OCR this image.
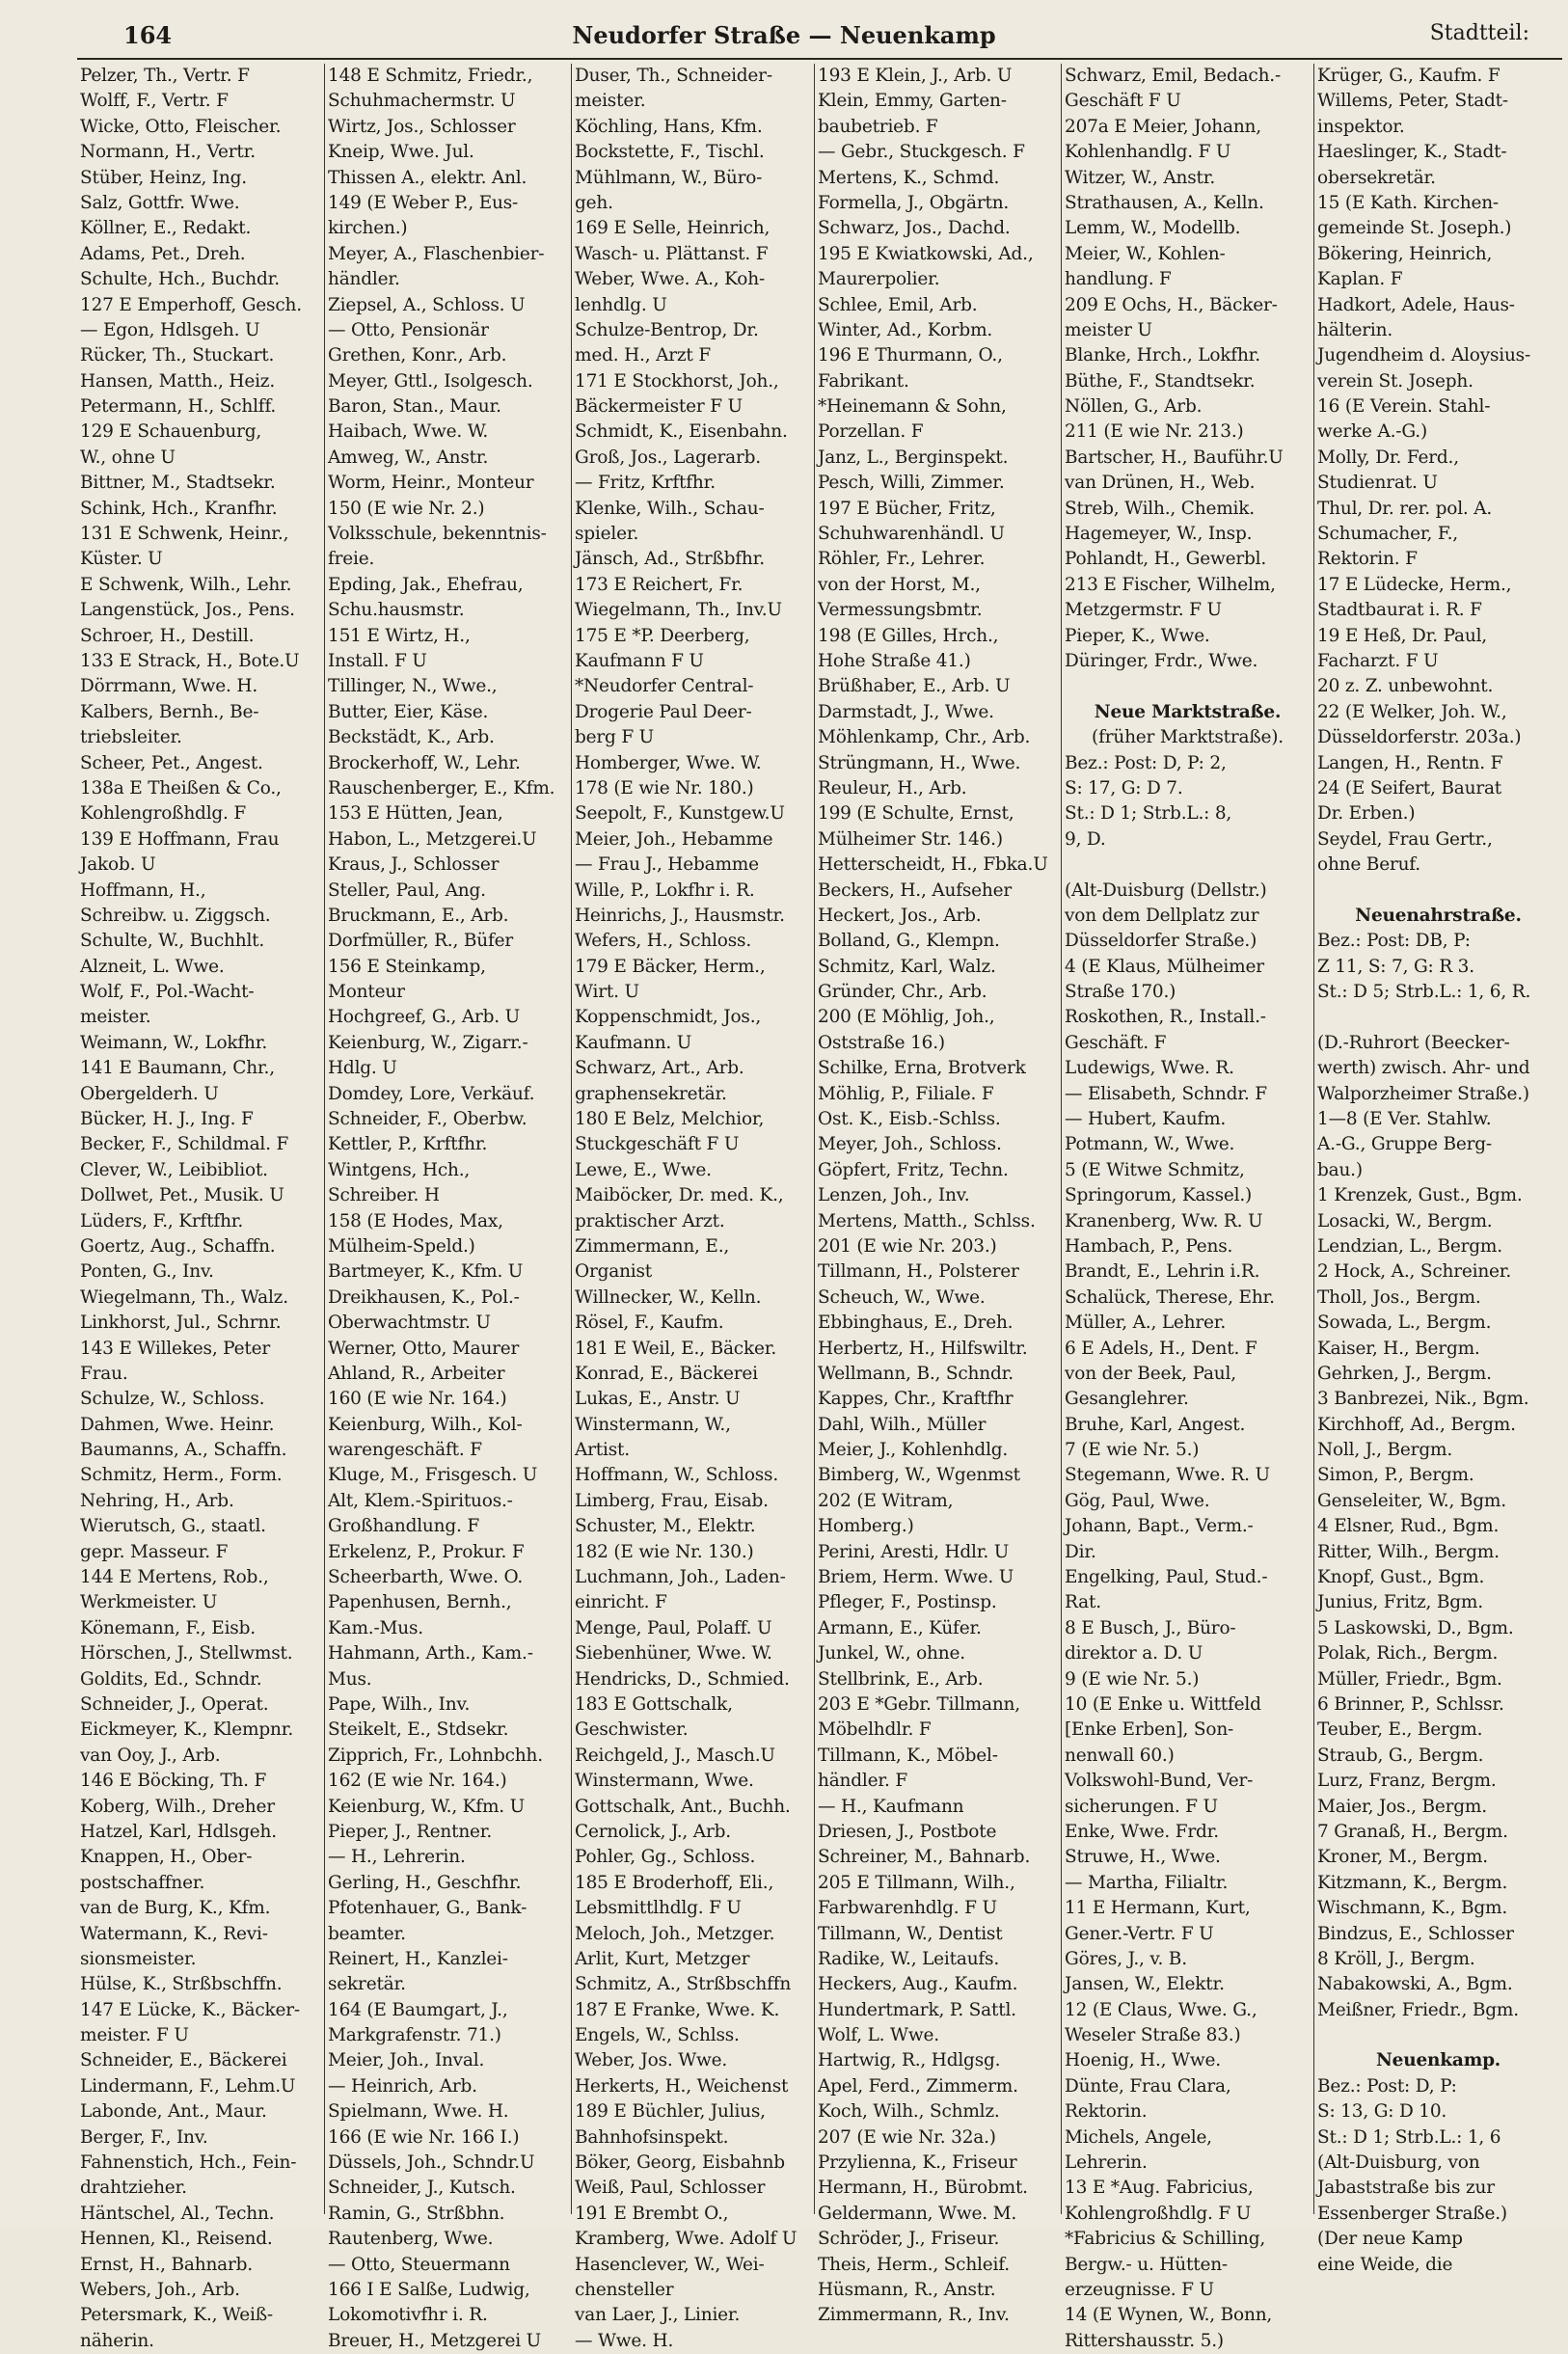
164	Neudorfer Straße — Neuenkamp	Stadtteil:
Pelzer, Th., Vertr. F
Wolff, F., Vertr. F
Wicke, Otto, Fleischer.
Normann, H., Vertr.
Stüber, Heinz, Ing.
Salz, Gottfr. Wwe.
Köllner, E., Redakt.
Adams, Pet., Dreh.
Schulte, Hch., Buchdr.
127 E Emperhoff, Gesch.
— Egon, Hdlsgeh. U
Rücker, Th., Stuckart.
Hansen, Matth., Heiz.
Petermann, H., Schlff.
129 E Schauenburg,
W., ohne U
Bittner, M., Stadtsekr.
Schink, Hch., Kranfhr.
131 E Schwenk, Heinr.,
Küster. U
E Schwenk, Wilh., Lehr.
Langenstück, Jos., Pens.
Schroer, H., Destill.
133 E Strack, H., Bote.U
Dörrmann, Wwe. H.
Kalbers, Bernh., Be-
triebsleiter.
Scheer, Pet., Angest.
138a E Theißen & Co.,
Kohlengroßhdlg. F
139 E Hoffmann, Frau
Jakob. U
Hoffmann, H.,
Schreibw. u. Ziggsch.
Schulte, W., Buchhlt.
Alzneit, L. Wwe.
Wolf, F., Pol.-Wacht-
meister.
Weimann, W., Lokfhr.
141 E Baumann, Chr.,
Obergelderh. U
Bücker, H. J., Ing. F
Becker, F., Schildmal. F
Clever, W., Leibibliot.
Dollwet, Pet., Musik. U
Lüders, F., Krftfhr.
Goertz, Aug., Schaffn.
Ponten, G., Inv.
Wiegelmann, Th., Walz.
Linkhorst, Jul., Schrnr.
143 E Willekes, Peter
Frau.
Schulze, W., Schloss.
Dahmen, Wwe. Heinr.
Baumanns, A., Schaffn.
Schmitz, Herm., Form.
Nehring, H., Arb.
Wierutsch, G., staatl.
gepr. Masseur. F
144 E Mertens, Rob.,
Werkmeister. U
Könemann, F., Eisb.
Hörschen, J., Stellwmst.
Goldits, Ed., Schndr.
Schneider, J., Operat.
Eickmeyer, K., Klempnr.
van Ooy, J., Arb.
146 E Böcking, Th. F
Koberg, Wilh., Dreher
Hatzel, Karl, Hdlsgeh.
Knappen, H., Ober-
postschaffner.
van de Burg, K., Kfm.
Watermann, K., Revi-
sionsmeister.
Hülse, K., Strßbschffn.
147 E Lücke, K., Bäcker-
meister. F U
Schneider, E., Bäckerei
Lindermann, F., Lehm.U
Labonde, Ant., Maur.
Berger, F., Inv.
Fahnenstich, Hch., Fein-
drahtzieher.
Häntschel, Al., Techn.
Hennen, Kl., Reisend.
Ernst, H., Bahnarb.
Webers, Joh., Arb.
Petersmark, K., Weiß-
näherin.
148 E Schmitz, Friedr.,
Schuhmachermstr. U
Wirtz, Jos., Schlosser
Kneip, Wwe. Jul.
Thissen A., elektr. Anl.
149 (E Weber P., Eus-
kirchen.)
Meyer, A., Flaschenbier-
händler.
Ziepsel, A., Schloss. U
— Otto, Pensionär
Grethen, Konr., Arb.
Meyer, Gttl., Isolgesch.
Baron, Stan., Maur.
Haibach, Wwe. W.
Amweg, W., Anstr.
Worm, Heinr., Monteur
150 (E wie Nr. 2.)
Volksschule, bekenntnis-
freie.
Epding, Jak., Ehefrau,
Schu.hausmstr.
151 E Wirtz, H.,
Install. F U
Tillinger, N., Wwe.,
Butter, Eier, Käse.
Beckstädt, K., Arb.
Brockerhoff, W., Lehr.
Rauschenberger, E., Kfm.
153 E Hütten, Jean,
Habon, L., Metzgerei.U
Kraus, J., Schlosser
Steller, Paul, Ang.
Bruckmann, E., Arb.
Dorfmüller, R., Büfer
156 E Steinkamp,
Monteur
Hochgreef, G., Arb. U
Keienburg, W., Zigarr.-
Hdlg. U
Domdey, Lore, Verkäuf.
Schneider, F., Oberbw.
Kettler, P., Krftfhr.
Wintgens, Hch.,
Schreiber. H
158 (E Hodes, Max,
Mülheim-Speld.)
Bartmeyer, K., Kfm. U
Dreikhausen, K., Pol.-
Oberwachtmstr. U
Werner, Otto, Maurer
Ahland, R., Arbeiter
160 (E wie Nr. 164.)
Keienburg, Wilh., Kol-
warengeschäft. F
Kluge, M., Frisgesch. U
Alt, Klem.-Spirituos.-
Großhandlung. F
Erkelenz, P., Prokur. F
Scheerbarth, Wwe. O.
Papenhusen, Bernh.,
Kam.-Mus.
Hahmann, Arth., Kam.-
Mus.
Pape, Wilh., Inv.
Steikelt, E., Stdsekr.
Zipprich, Fr., Lohnbchh.
162 (E wie Nr. 164.)
Keienburg, W., Kfm. U
Pieper, J., Rentner.
— H., Lehrerin.
Gerling, H., Geschfhr.
Pfotenhauer, G., Bank-
beamter.
Reinert, H., Kanzlei-
sekretär.
164 (E Baumgart, J.,
Markgrafenstr. 71.)
Meier, Joh., Inval.
— Heinrich, Arb.
Spielmann, Wwe. H.
166 (E wie Nr. 166 I.)
Düssels, Joh., Schndr.U
Schneider, J., Kutsch.
Ramin, G., Strßbhn.
Rautenberg, Wwe.
— Otto, Steuermann
166 I E Salße, Ludwig,
Lokomotivfhr i. R.
Breuer, H., Metzgerei U
Duser, Th., Schneider-
meister.
Köchling, Hans, Kfm.
Bockstette, F., Tischl.
Mühlmann, W., Büro-
geh.
169 E Selle, Heinrich,
Wasch- u. Plättanst. F
Weber, Wwe. A., Koh-
lenhdlg. U
Schulze-Bentrop, Dr.
med. H., Arzt F
171 E Stockhorst, Joh.,
Bäckermeister F U
Schmidt, K., Eisenbahn.
Groß, Jos., Lagerarb.
— Fritz, Krftfhr.
Klenke, Wilh., Schau-
spieler.
Jänsch, Ad., Strßbfhr.
173 E Reichert, Fr.
Wiegelmann, Th., Inv.U
175 E *P. Deerberg,
Kaufmann F U
*Neudorfer Central-
Drogerie Paul Deer-
berg F U
Homberger, Wwe. W.
178 (E wie Nr. 180.)
Seepolt, F., Kunstgew.U
Meier, Joh., Hebamme
— Frau J., Hebamme
Wille, P., Lokfhr i. R.
Heinrichs, J., Hausmstr.
Wefers, H., Schloss.
179 E Bäcker, Herm.,
Wirt. U
Koppenschmidt, Jos.,
Kaufmann. U
Schwarz, Art., Arb.
graphensekretär.
180 E Belz, Melchior,
Stuckgeschäft F U
Lewe, E., Wwe.
Maiböcker, Dr. med. K.,
praktischer Arzt.
Zimmermann, E.,
Organist
Willnecker, W., Kelln.
Rösel, F., Kaufm.
181 E Weil, E., Bäcker.
Konrad, E., Bäckerei
Lukas, E., Anstr. U
Winstermann, W.,
Artist.
Hoffmann, W., Schloss.
Limberg, Frau, Eisab.
Schuster, M., Elektr.
182 (E wie Nr. 130.)
Luchmann, Joh., Laden-
einricht. F
Menge, Paul, Polaff. U
Siebenhüner, Wwe. W.
Hendricks, D., Schmied.
183 E Gottschalk,
Geschwister.
Reichgeld, J., Masch.U
Winstermann, Wwe.
Gottschalk, Ant., Buchh.
Cernolick, J., Arb.
Pohler, Gg., Schloss.
185 E Broderhoff, Eli.,
Lebsmittlhdlg. F U
Meloch, Joh., Metzger.
Arlit, Kurt, Metzger
Schmitz, A., Strßbschffn
187 E Franke, Wwe. K.
Engels, W., Schlss.
Weber, Jos. Wwe.
Herkerts, H., Weichenst
189 E Büchler, Julius,
Bahnhofsinspekt.
Böker, Georg, Eisbahnb
Weiß, Paul, Schlosser
191 E Brembt O.,
Kramberg, Wwe. Adolf U
Hasenclever, W., Wei-
chensteller
van Laer, J., Linier.
— Wwe. H.
193 E Klein, J., Arb. U
Klein, Emmy, Garten-
baubetrieb. F
— Gebr., Stuckgesch. F
Mertens, K., Schmd.
Formella, J., Obgärtn.
Schwarz, Jos., Dachd.
195 E Kwiatkowski, Ad.,
Maurerpolier.
Schlee, Emil, Arb.
Winter, Ad., Korbm.
196 E Thurmann, O.,
Fabrikant.
*Heinemann & Sohn,
Porzellan. F
Janz, L., Berginspekt.
Pesch, Willi, Zimmer.
197 E Bücher, Fritz,
Schuhwarenhändl. U
Röhler, Fr., Lehrer.
von der Horst, M.,
Vermessungsbmtr.
198 (E Gilles, Hrch.,
Hohe Straße 41.)
Brüßhaber, E., Arb. U
Darmstadt, J., Wwe.
Möhlenkamp, Chr., Arb.
Strüngmann, H., Wwe.
Reuleur, H., Arb.
199 (E Schulte, Ernst,
Mülheimer Str. 146.)
Hetterscheidt, H., Fbka.U
Beckers, H., Aufseher
Heckert, Jos., Arb.
Bolland, G., Klempn.
Schmitz, Karl, Walz.
Gründer, Chr., Arb.
200 (E Möhlig, Joh.,
Oststraße 16.)
Schilke, Erna, Brotverk
Möhlig, P., Filiale. F
Ost. K., Eisb.-Schlss.
Meyer, Joh., Schloss.
Göpfert, Fritz, Techn.
Lenzen, Joh., Inv.
Mertens, Matth., Schlss.
201 (E wie Nr. 203.)
Tillmann, H., Polsterer
Scheuch, W., Wwe.
Ebbinghaus, E., Dreh.
Herbertz, H., Hilfswiltr.
Wellmann, B., Schndr.
Kappes, Chr., Kraftfhr
Dahl, Wilh., Müller
Meier, J., Kohlenhdlg.
Bimberg, W., Wgenmst
202 (E Witram,
Homberg.)
Perini, Aresti, Hdlr. U
Briem, Herm. Wwe. U
Pfleger, F., Postinsp.
Armann, E., Küfer.
Junkel, W., ohne.
Stellbrink, E., Arb.
203 E *Gebr. Tillmann,
Möbelhdlr. F
Tillmann, K., Möbel-
händler. F
— H., Kaufmann
Driesen, J., Postbote
Schreiner, M., Bahnarb.
205 E Tillmann, Wilh.,
Farbwarenhdlg. F U
Tillmann, W., Dentist
Radike, W., Leitaufs.
Heckers, Aug., Kaufm.
Hundertmark, P. Sattl.
Wolf, L. Wwe.
Hartwig, R., Hdlgsg.
Apel, Ferd., Zimmerm.
Koch, Wilh., Schmlz.
207 (E wie Nr. 32a.)
Przylienna, K., Friseur
Hermann, H., Bürobmt.
Geldermann, Wwe. M.
Schröder, J., Friseur.
Theis, Herm., Schleif.
Hüsmann, R., Anstr.
Zimmermann, R., Inv.
Schwarz, Emil, Bedach.-
Geschäft F U
207a E Meier, Johann,
Kohlenhandlg. F U
Witzer, W., Anstr.
Strathausen, A., Kelln.
Lemm, W., Modellb.
Meier, W., Kohlen-
handlung. F
209 E Ochs, H., Bäcker-
meister U
Blanke, Hrch., Lokfhr.
Büthe, F., Standtsekr.
Nöllen, G., Arb.
211 (E wie Nr. 213.)
Bartscher, H., Bauführ.U
van Drünen, H., Web.
Streb, Wilh., Chemik.
Hagemeyer, W., Insp.
Pohlandt, H., Gewerbl.
213 E Fischer, Wilhelm,
Metzgermstr. F U
Pieper, K., Wwe.
Düringer, Frdr., Wwe.
Neue Marktstraße.
(früher Marktstraße).
Bez.: Post: D, P: 2,
S: 17, G: D 7.
St.: D 1; Strb.L.: 8,
9, D.
(Alt-Duisburg (Dellstr.)
von dem Dellplatz zur
Düsseldorfer Straße.)
4 (E Klaus, Mülheimer
Straße 170.)
Roskothen, R., Install.-
Geschäft. F
Ludewigs, Wwe. R.
— Elisabeth, Schndr. F
— Hubert, Kaufm.
Potmann, W., Wwe.
5 (E Witwe Schmitz,
Springorum, Kassel.)
Kranenberg, Ww. R. U
Hambach, P., Pens.
Brandt, E., Lehrin i.R.
Schalück, Therese, Ehr.
Müller, A., Lehrer.
6 E Adels, H., Dent. F
von der Beek, Paul,
Gesanglehrer.
Bruhe, Karl, Angest.
7 (E wie Nr. 5.)
Stegemann, Wwe. R. U
Gög, Paul, Wwe.
Johann, Bapt., Verm.-
Dir.
Engelking, Paul, Stud.-
Rat.
8 E Busch, J., Büro-
direktor a. D. U
9 (E wie Nr. 5.)
10 (E Enke u. Wittfeld
[Enke Erben], Son-
nenwall 60.)
Volkswohl-Bund, Ver-
sicherungen. F U
Enke, Wwe. Frdr.
Struwe, H., Wwe.
— Martha, Filialtr.
11 E Hermann, Kurt,
Gener.-Vertr. F U
Göres, J., v. B.
Jansen, W., Elektr.
12 (E Claus, Wwe. G.,
Weseler Straße 83.)
Hoenig, H., Wwe.
Dünte, Frau Clara,
Rektorin.
Michels, Angele,
Lehrerin.
13 E *Aug. Fabricius,
Kohlengroßhdlg. F U
*Fabricius & Schilling,
Bergw.- u. Hütten-
erzeugnisse. F U
14 (E Wynen, W., Bonn,
Rittershausstr. 5.)
Krüger, G., Kaufm. F
Willems, Peter, Stadt-
inspektor.
Haeslinger, K., Stadt-
obersekretär.
15 (E Kath. Kirchen-
gemeinde St. Joseph.)
Bökering, Heinrich,
Kaplan. F
Hadkort, Adele, Haus-
hälterin.
Jugendheim d. Aloysius-
verein St. Joseph.
16 (E Verein. Stahl-
werke A.-G.)
Molly, Dr. Ferd.,
Studienrat. U
Thul, Dr. rer. pol. A.
Schumacher, F.,
Rektorin. F
17 E Lüdecke, Herm.,
Stadtbaurat i. R. F
19 E Heß, Dr. Paul,
Facharzt. F U
20 z. Z. unbewohnt.
22 (E Welker, Joh. W.,
Düsseldorferstr. 203a.)
Langen, H., Rentn. F
24 (E Seifert, Baurat
Dr. Erben.)
Seydel, Frau Gertr.,
ohne Beruf.
Neuenahrstraße.
Bez.: Post: DB, P:
Z 11, S: 7, G: R 3.
St.: D 5; Strb.L.: 1, 6, R.
(D.-Ruhrort (Beecker-
werth) zwisch. Ahr- und
Walporzheimer Straße.)
1—8 (E Ver. Stahlw.
A.-G., Gruppe Berg-
bau.)
1 Krenzek, Gust., Bgm.
Losacki, W., Bergm.
Lendzian, L., Bergm.
2 Hock, A., Schreiner.
Tholl, Jos., Bergm.
Sowada, L., Bergm.
Kaiser, H., Bergm.
Gehrken, J., Bergm.
3 Banbrezei, Nik., Bgm.
Kirchhoff, Ad., Bergm.
Noll, J., Bergm.
Simon, P., Bergm.
Genseleiter, W., Bgm.
4 Elsner, Rud., Bgm.
Ritter, Wilh., Bergm.
Knopf, Gust., Bgm.
Junius, Fritz, Bgm.
5 Laskowski, D., Bgm.
Polak, Rich., Bergm.
Müller, Friedr., Bgm.
6 Brinner, P., Schlssr.
Teuber, E., Bergm.
Straub, G., Bergm.
Lurz, Franz, Bergm.
Maier, Jos., Bergm.
7 Granaß, H., Bergm.
Kroner, M., Bergm.
Kitzmann, K., Bergm.
Wischmann, K., Bgm.
Bindzus, E., Schlosser
8 Kröll, J., Bergm.
Nabakowski, A., Bgm.
Meißner, Friedr., Bgm.
Neuenkamp.
Bez.: Post: D, P:
S: 13, G: D 10.
St.: D 1; Strb.L.: 1, 6
(Alt-Duisburg, von
Jabaststraße bis zur
Essenberger Straße.)
(Der neue Kamp
eine Weide, die
